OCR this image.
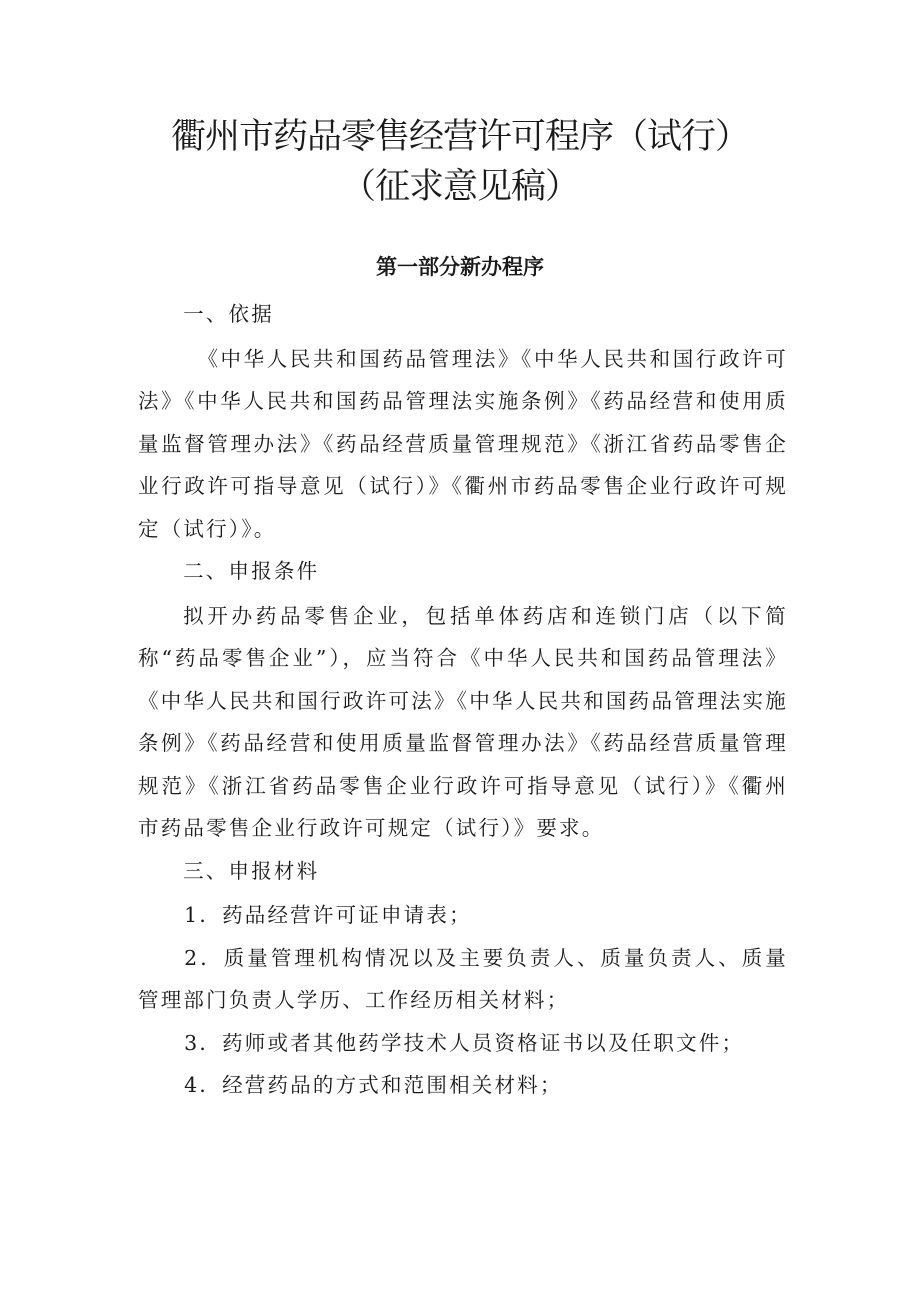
衢州市药品零售经营许可程序（试行）（征求意见稿）
第一部分新办程序

一、依据

《中华人民共和国药品管理法》《中华人民共和国行政许可法》《中华人民共和国药品管理法实施条例》《药品经营和使用质量监督管理办法》《药品经营质量管理规范》《浙江省药品零售企业行政许可指导意见（试行）》《衢州市药品零售企业行政许可规定（试行）》。

二、申报条件

拟开办药品零售企业，包括单体药店和连锁门店（以下简称“药品零售企业”），应当符合《中华人民共和国药品管理法》《中华人民共和国行政许可法》《中华人民共和国药品管理法实施条例》《药品经营和使用质量监督管理办法》《药品经营质量管理规范》《浙江省药品零售企业行政许可指导意见（试行）》《衢州市药品零售企业行政许可规定（试行）》要求。

三、申报材料

1．药品经营许可证申请表；

2．质量管理机构情况以及主要负责人、质量负责人、质量管理部门负责人学历、工作经历相关材料；

3．药师或者其他药学技术人员资格证书以及任职文件；

4．经营药品的方式和范围相关材料；
